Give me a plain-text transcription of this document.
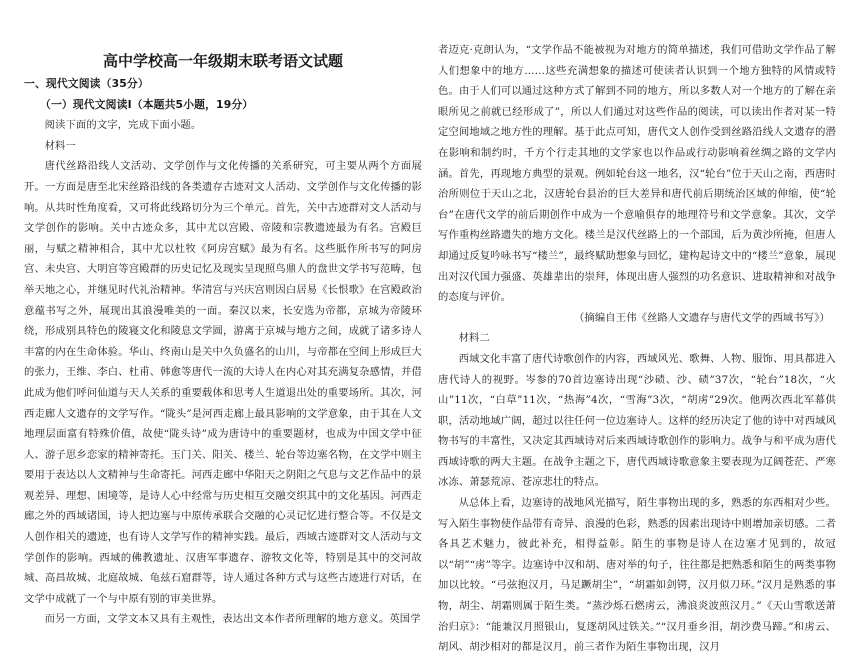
高中学校高一年级期末联考语文试题

一、现代文阅读（35分）

（一）现代文阅读Ⅰ（本题共5小题，19分）

阅读下面的文字，完成下面小题。

材料一

唐代丝路沿线人文活动、文学创作与文化传播的关系研究，可主要从两个方面展开。一方面是唐至北宋丝路沿线的各类遗存古迹对文人活动、文学创作与文化传播的影响。从共时性角度看，又可将此线路切分为三个单元。首先，关中古迹群对文人活动与文学创作的影响。关中古迹众多，其中尤以宫殿、帝陵和宗教遗迹最为有名。宫殿巨丽，与赋之精神相合，其中尤以杜牧《阿房宫赋》最为有名。这些胝作所书写的阿房宫、未央宫、大明宫等宫殿群的历史记忆及现实呈现照鸟鼎人的盘世文学书写范畴，包举天地之心，并继见时代礼治精神。华清宫与兴庆宫则因白居易《长恨歌》在宫殿政治意蕴书写之外，展现出其浪漫唯美的一面。秦汉以来，长安选为帝都，京城为帝陵环绕，形成别具特色的陵寝文化和陵息文学圆，游离于京城与地方之间，成就了诸多诗人丰富的内在生命体验。华山、终南山是关中久负盛名的山川，与帝都在空间上形成巨大的张力，王维、李白、杜甫、韩愈等唐代一流的大诗人在内心对其充满复杂感情，并借此成为他们呼问仙道与天人关系的重要载体和思考人生道退出处的重要场所。其次，河西走廊人文遗存的文学写作。“陇头”是河西走廊上最具影响的文学意象，由于其在人文地理层面富有特殊价值，故使“陇头诗”成为唐诗中的重要题材，也成为中国文学中征人、游子思乡恋家的精神寄托。玉门关、阳关、楼兰、轮台等边塞名物，在文学中则主要用于表达以人文精神与生命寄托。河西走廊中华阳天之阴阳之气息与文艺作品中的景观差异、理想、困境等，是诗人心中经常与历史相互交融交织其中的文化基因。河西走廊之外的西域诸国，诗人把边塞与中原传承联合交融的心灵记忆进行整合等。不仅是文人创作相关的遗迹，也有诗人文学写作的精神实践。最后，西域古迹群对文人活动与文学创作的影响。西域的佛教遗址、汉唐军事遗存、游牧文化等，特别是其中的交河故城、高昌故城、北庭故城、龟兹石窟群等，诗人通过各种方式与这些古迹进行对话，在文学中成就了一个与中原有别的审美世界。

而另一方面，文学文本又具有主观性，表达出文本作者所理解的地方意义。英国学

者迈克·克朗认为，“文学作品不能被视为对地方的简单描述，我们可借助文学作品了解人们想象中的地方……这些充满想象的描述可使读者认识到一个地方独特的风情或特色。由于人们可以通过这种方式了解到不同的地方，所以多数人对一个地方的了解在亲眼所见之前就已经形成了”，所以人们通过对这些作品的阅读，可以读出作者对某一特定空间地域之地方性的理解。基于此点可知，唐代文人创作受到丝路沿线人文遗存的潜在影响和制约时，千方个行走其地的文学家也以作品或行动影响着丝绸之路的文学内涵。首先，再现地方典型的景观。例如轮台这一地名，汉“轮台”位于天山之南，西唐时治所则位于天山之北，汉唐轮台县治的巨大差异和唐代前后期统治区域的伸缩，使“轮台”在唐代文学的前后期创作中成为一个意喻俱存的地理符号和文学意象。其次，文学写作重构丝路遗失的地方文化。楼兰是汉代丝路上的一个部国，后为黄沙所掩，但唐人却通过反复吟咏书写“楼兰”，最终赋助想象与回忆，建构起诗文中的“楼兰”意象，展现出对汉代国力强盛、英雄辈出的崇拜，体现出唐人强烈的功名意识、进取精神和对战争的态度与评价。

（摘编自王伟《丝路人文遗存与唐代文学的西域书写》）

材料二

西域文化丰富了唐代诗歌创作的内容，西域风光、歌舞、人物、服饰、用具都进入唐代诗人的视野。岑参的70首边塞诗出现“沙碛、沙、碛”37次，“轮台”18次，“火山”11次，“白草”11次，“热海”4次，“雪海”3次，“胡虏”29次。他两次西北军幕供职，活动地域广阔，超过以往任何一位边塞诗人。这样的经历决定了他的诗中对西域风物书写的丰富性，又决定其西域诗对后来西域诗歌创作的影响力。战争与和平成为唐代西域诗歌的两大主题。在战争主题之下，唐代西域诗歌意象主要表现为辽阔苍茫、严寒冰冻、萧瑟荒凉、苍凉悲壮的特点。

从总体上看，边塞诗的战地风光描写，陌生事物出现的多，熟悉的东西相对少些。写入陌生事物使作品带有奇异、浪漫的色彩，熟悉的因素出现诗中则增加亲切感。二者各具艺术魅力，彼此补充，相得益彰。陌生的事物是诗人在边塞才见到的，故冠以“胡”“虏”等字。边塞诗中汉和胡、唐对举的句子，往往都是把熟悉和陌生的两类事物加以比较。“弓弦抱汉月，马足蹶胡尘”，“胡霜如剑锷，汉月似刀环。”汉月是熟悉的事物，胡尘、胡霜则属于陌生类。“蒸沙烁石燃虏云，沸浪炎波煎汉月。”《天山雪歌送萧治归京》：“能兼汉月照银山，复逐胡风过铁关。”“汉月垂乡泪，胡沙费马蹄。”和虏云、胡风、胡沙相对的都是汉月，前三者作为陌生事物出现，汉月
